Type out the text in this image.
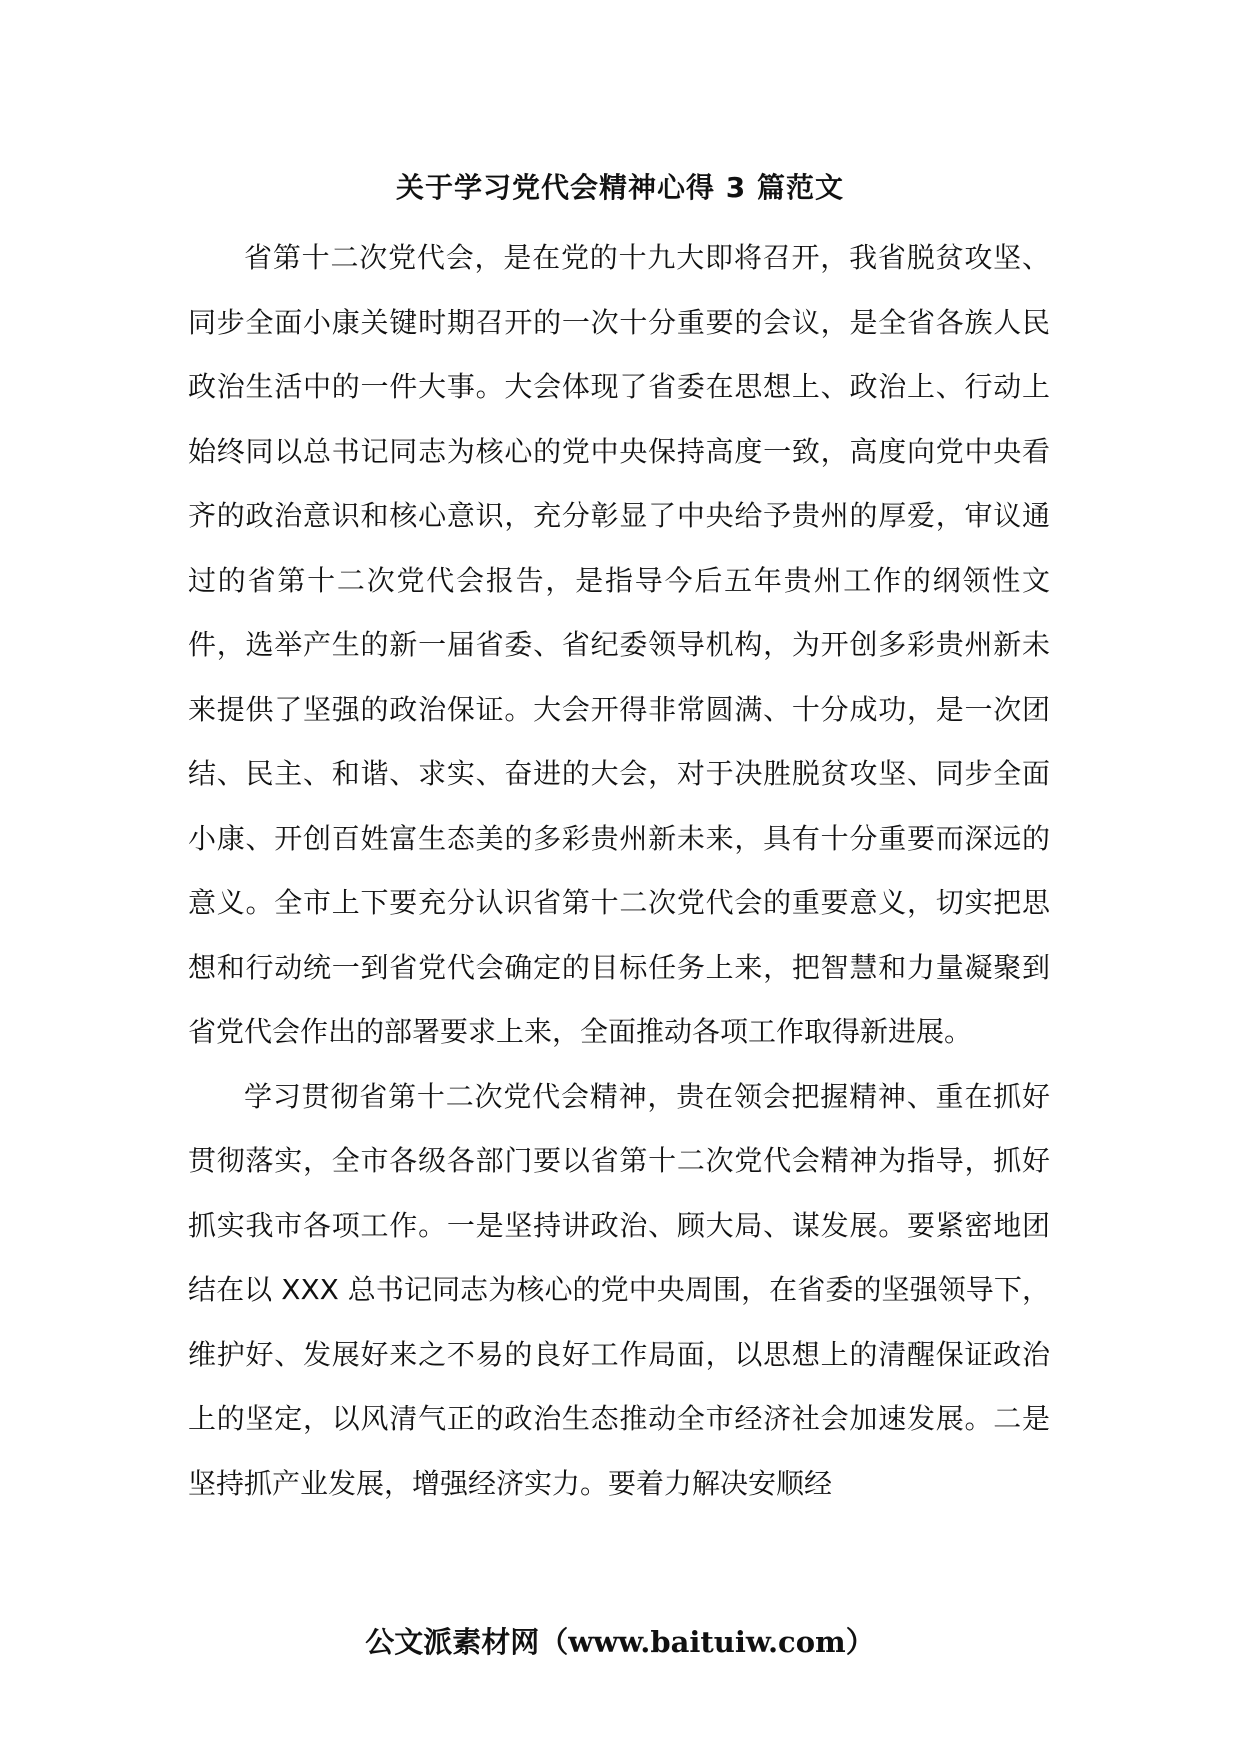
关于学习党代会精神心得 3 篇范文

省第十二次党代会，是在党的十九大即将召开，我省脱贫攻坚、同步全面小康关键时期召开的一次十分重要的会议，是全省各族人民政治生活中的一件大事。大会体现了省委在思想上、政治上、行动上始终同以总书记同志为核心的党中央保持高度一致，高度向党中央看齐的政治意识和核心意识，充分彰显了中央给予贵州的厚爱，审议通过的省第十二次党代会报告，是指导今后五年贵州工作的纲领性文件，选举产生的新一届省委、省纪委领导机构，为开创多彩贵州新未来提供了坚强的政治保证。大会开得非常圆满、十分成功，是一次团结、民主、和谐、求实、奋进的大会，对于决胜脱贫攻坚、同步全面小康、开创百姓富生态美的多彩贵州新未来，具有十分重要而深远的意义。全市上下要充分认识省第十二次党代会的重要意义，切实把思想和行动统一到省党代会确定的目标任务上来，把智慧和力量凝聚到省党代会作出的部署要求上来，全面推动各项工作取得新进展。

学习贯彻省第十二次党代会精神，贵在领会把握精神、重在抓好贯彻落实，全市各级各部门要以省第十二次党代会精神为指导，抓好抓实我市各项工作。一是坚持讲政治、顾大局、谋发展。要紧密地团结在以 XXX 总书记同志为核心的党中央周围，在省委的坚强领导下，维护好、发展好来之不易的良好工作局面，以思想上的清醒保证政治上的坚定，以风清气正的政治生态推动全市经济社会加速发展。二是坚持抓产业发展，增强经济实力。要着力解决安顺经

公文派素材网（www.baituiw.com）
